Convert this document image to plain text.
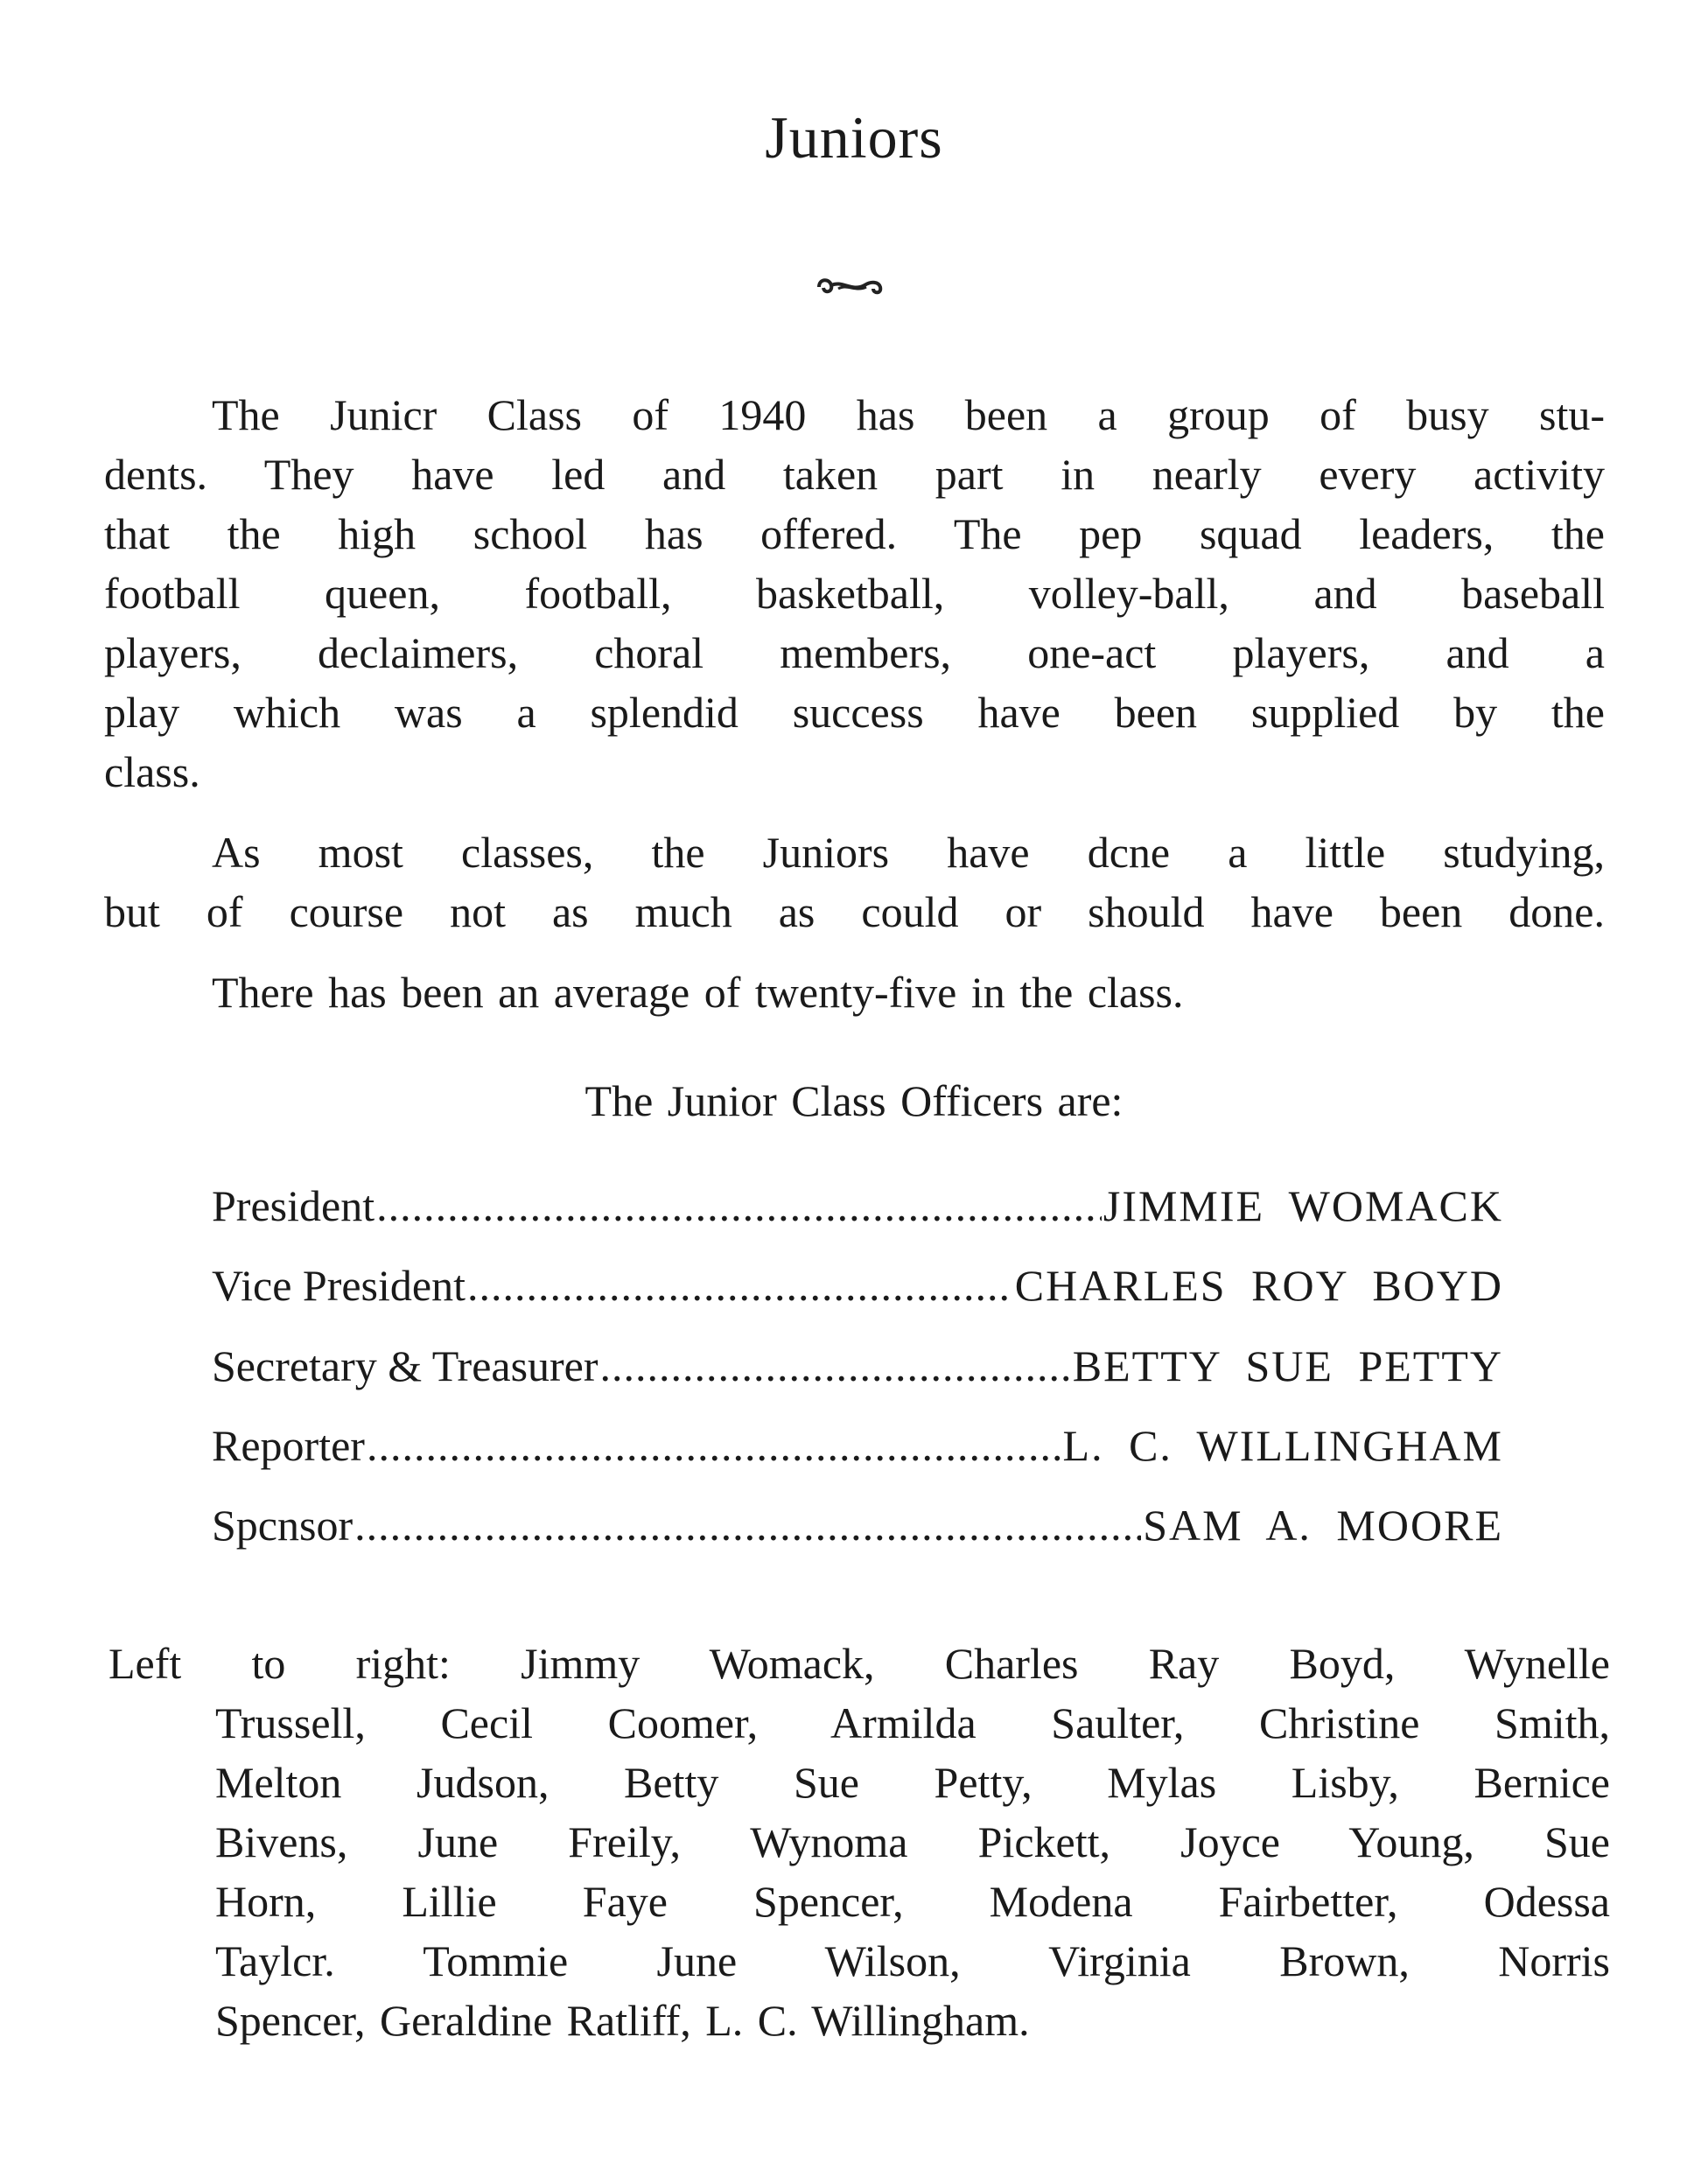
Juniors
The Junicr Class of 1940 has been a group of busy stu-
dents. They have led and taken part in nearly every activity
that the high school has offered. The pep squad leaders, the
football queen, football, basketball, volley-ball, and baseball
players, declaimers, choral members, one-act players, and a
play which was a splendid success have been supplied by the
class.
As most classes, the Juniors have dcne a little studying,
but of course not as much as could or should have been done.
There has been an average of twenty-five in the class.
The Junior Class Officers are:
President .....	JIMMIE WOMACK
Vice President .....	CHARLES ROY BOYD
Secretary & Treasurer .....	BETTY SUE PETTY
Reporter .....	L. C. WILLINGHAM
Spcnsor .....	SAM A. MOORE
Left to right: Jimmy Womack, Charles Ray Boyd, Wynelle
Trussell, Cecil Coomer, Armilda Saulter, Christine Smith,
Melton Judson, Betty Sue Petty, Mylas Lisby, Bernice
Bivens, June Freily, Wynoma Pickett, Joyce Young, Sue
Horn, Lillie Faye Spencer, Modena Fairbetter, Odessa
Taylcr. Tommie June Wilson, Virginia Brown, Norris
Spencer, Geraldine Ratliff, L. C. Willingham.
